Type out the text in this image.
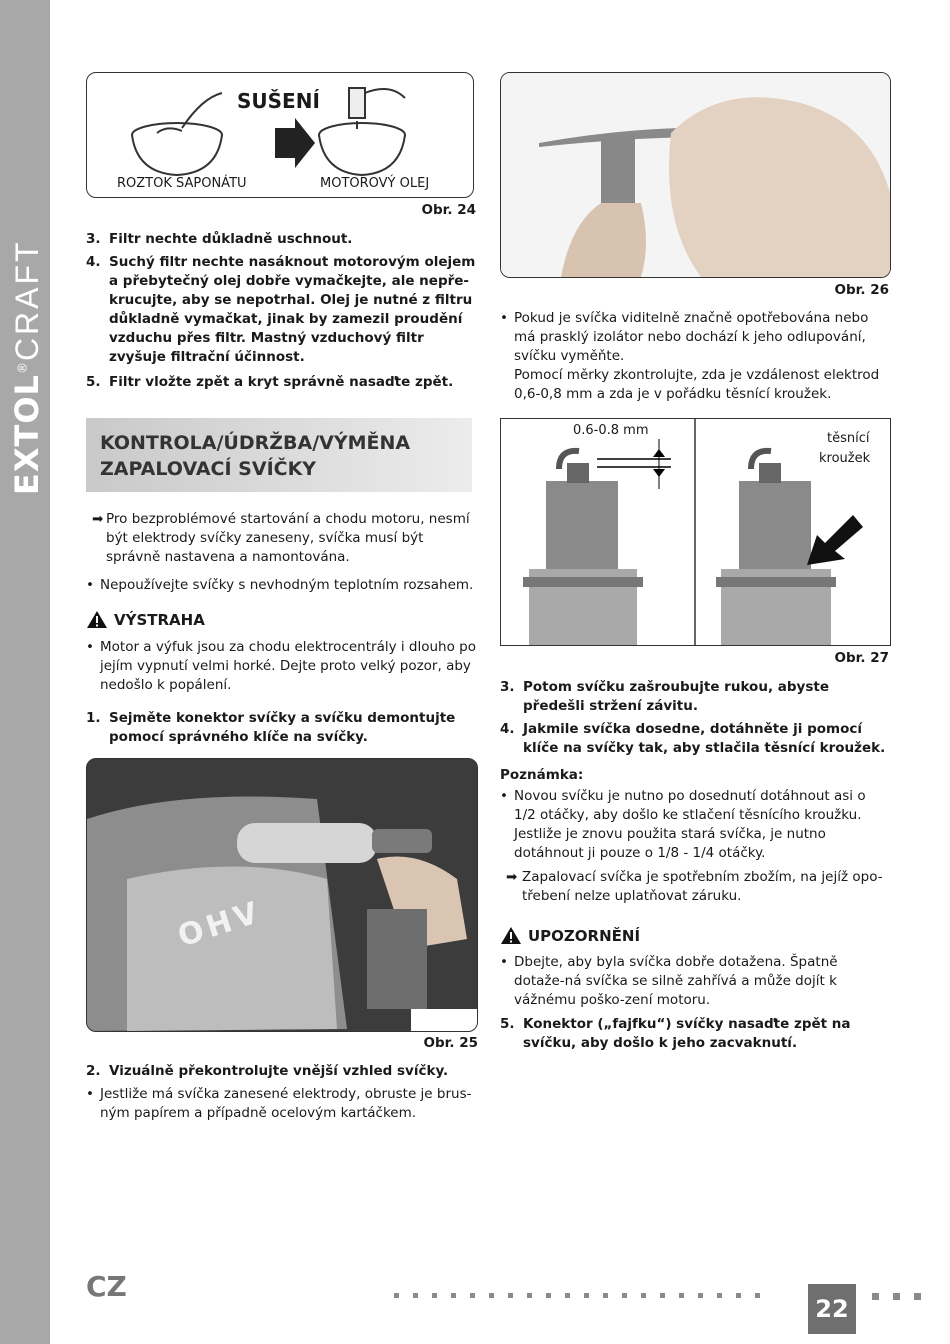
EXTOL®CRAFT
SUŠENÍ
ROZTOK SAPONÁTU	MOTOROVÝ OLEJ
Obr. 24
3. Filtr nechte důkladně uschnout.
4. Suchý filtr nechte nasáknout motorovým olejem a přebytečný olej dobře vymačkejte, ale nepře-krucujte, aby se nepotrhal. Olej je nutné z filtru důkladně vymačkat, jinak by zamezil proudění vzduchu přes filtr. Mastný vzduchový filtr zvyšuje filtrační účinnost.
5. Filtr vložte zpět a kryt správně nasaďte zpět.
KONTROLA/ÚDRŽBA/VÝMĚNA
ZAPALOVACÍ SVÍČKY
➡ Pro bezproblémové startování a chodu motoru, nesmí být elektrody svíčky zaneseny, svíčka musí být správně nastavena a namontována.
• Nepoužívejte svíčky s nevhodným teplotním rozsahem.
VÝSTRAHA
• Motor a výfuk jsou za chodu elektrocentrály i dlouho po jejím vypnutí velmi horké. Dejte proto velký pozor, aby nedošlo k popálení.
1. Sejměte konektor svíčky a svíčku demontujte pomocí správného klíče na svíčky.
OHV
Obr. 25
2. Vizuálně překontrolujte vnější vzhled svíčky.
• Jestliže má svíčka zanesené elektrody, obruste je brus-ným papírem a případně ocelovým kartáčkem.
Obr. 26
• Pokud je svíčka viditelně značně opotřebována nebo má prasklý izolátor nebo dochází k jeho odlupování, svíčku vyměňte.
Pomocí měrky zkontrolujte, zda je vzdálenost elektrod 0,6-0,8 mm a zda je v pořádku těsnící kroužek.
0.6-0.8 mm
těsnící
kroužek
Obr. 27
3. Potom svíčku zašroubujte rukou, abyste předešli stržení závitu.
4. Jakmile svíčka dosedne, dotáhněte ji pomocí klíče na svíčky tak, aby stlačila těsnící kroužek.
Poznámka:
• Novou svíčku je nutno po dosednutí dotáhnout asi o 1/2 otáčky, aby došlo ke stlačení těsnícího kroužku. Jestliže je znovu použita stará svíčka, je nutno dotáhnout ji pouze o 1/8 - 1/4 otáčky.
➡ Zapalovací svíčka je spotřebním zbožím, na jejíž opo-třebení nelze uplatňovat záruku.
UPOZORNĚNÍ
• Dbejte, aby byla svíčka dobře dotažena. Špatně dotaže-ná svíčka se silně zahřívá a může dojít k vážnému poško-zení motoru.
5. Konektor („fajfku“) svíčky nasaďte zpět na svíčku, aby došlo k jeho zacvaknutí.
CZ
22
